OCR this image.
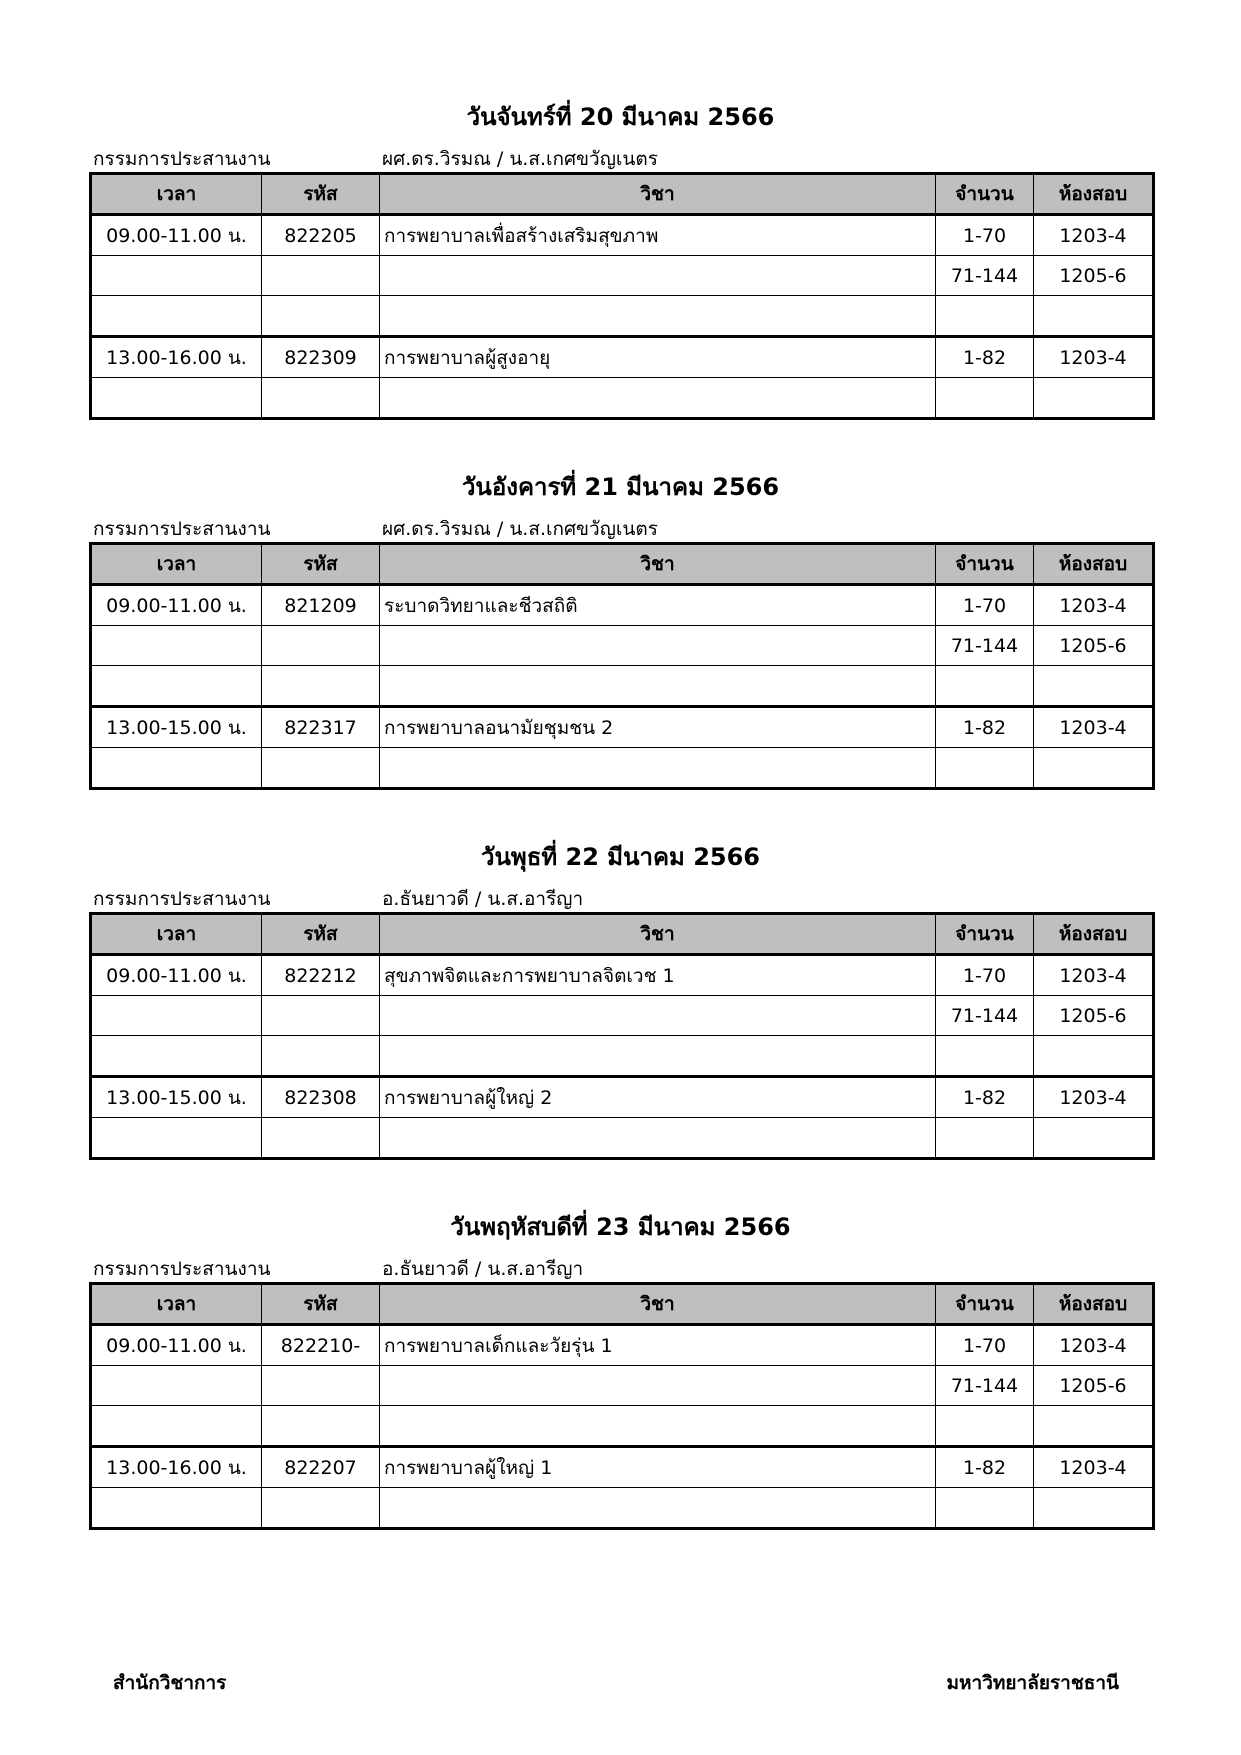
วันจันทร์ที่ 20 มีนาคม 2566
กรรมการประสานงาน	ผศ.ดร.วิรมณ / น.ส.เกศขวัญเนตร
เวลา	รหัส	วิชา	จำนวน	ห้องสอบ
09.00-11.00 น.	822205	การพยาบาลเพื่อสร้างเสริมสุขภาพ	1-70	1203-4
			71-144	1205-6

13.00-16.00 น.	822309	การพยาบาลผู้สูงอายุ	1-82	1203-4

วันอังคารที่ 21 มีนาคม 2566
กรรมการประสานงาน	ผศ.ดร.วิรมณ / น.ส.เกศขวัญเนตร
เวลา	รหัส	วิชา	จำนวน	ห้องสอบ
09.00-11.00 น.	821209	ระบาดวิทยาและชีวสถิติ	1-70	1203-4
			71-144	1205-6

13.00-15.00 น.	822317	การพยาบาลอนามัยชุมชน 2	1-82	1203-4

วันพุธที่ 22 มีนาคม 2566
กรรมการประสานงาน	อ.ธันยาวดี / น.ส.อารีญา
เวลา	รหัส	วิชา	จำนวน	ห้องสอบ
09.00-11.00 น.	822212	สุขภาพจิตและการพยาบาลจิตเวช 1	1-70	1203-4
			71-144	1205-6

13.00-15.00 น.	822308	การพยาบาลผู้ใหญ่ 2	1-82	1203-4

วันพฤหัสบดีที่ 23 มีนาคม 2566
กรรมการประสานงาน	อ.ธันยาวดี / น.ส.อารีญา
เวลา	รหัส	วิชา	จำนวน	ห้องสอบ
09.00-11.00 น.	822210-	การพยาบาลเด็กและวัยรุ่น 1	1-70	1203-4
			71-144	1205-6

13.00-16.00 น.	822207	การพยาบาลผู้ใหญ่ 1	1-82	1203-4

สำนักวิชาการ	มหาวิทยาลัยราชธานี
